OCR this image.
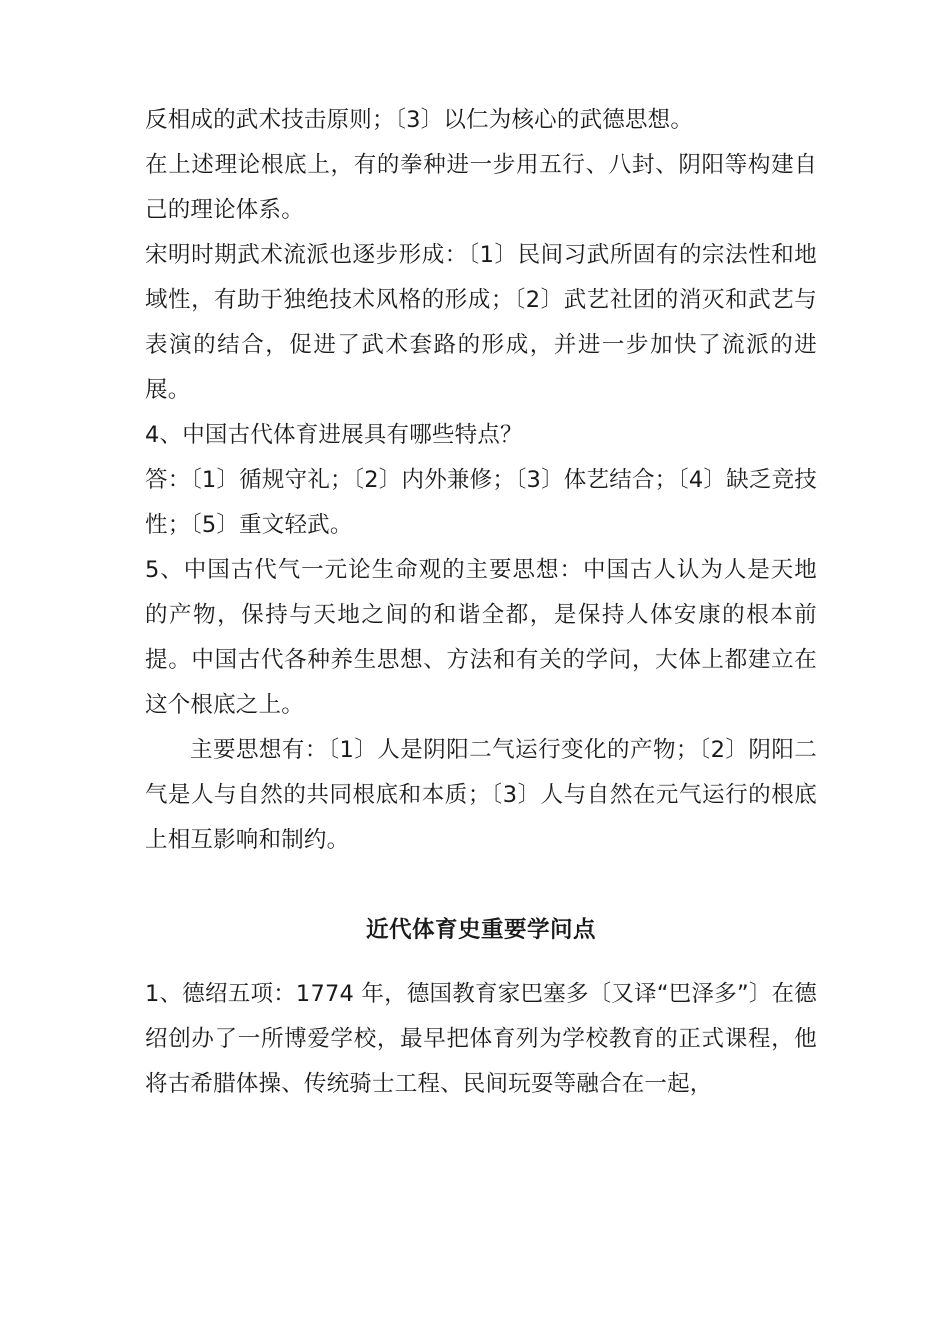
反相成的武术技击原则；〔3〕以仁为核心的武德思想。

在上述理论根底上，有的拳种进一步用五行、八封、阴阳等构建自己的理论体系。

宋明时期武术流派也逐步形成：〔1〕民间习武所固有的宗法性和地域性，有助于独绝技术风格的形成；〔2〕武艺社团的消灭和武艺与表演的结合，促进了武术套路的形成，并进一步加快了流派的进展。

4、中国古代体育进展具有哪些特点？

答：〔1〕循规守礼；〔2〕内外兼修；〔3〕体艺结合；〔4〕缺乏竞技性；〔5〕重文轻武。

5、中国古代气一元论生命观的主要思想：中国古人认为人是天地的产物，保持与天地之间的和谐全都，是保持人体安康的根本前提。中国古代各种养生思想、方法和有关的学问，大体上都建立在这个根底之上。

主要思想有：〔1〕人是阴阳二气运行变化的产物；〔2〕阴阳二气是人与自然的共同根底和本质；〔3〕人与自然在元气运行的根底上相互影响和制约。

近代体育史重要学问点

1、德绍五项：1774 年，德国教育家巴塞多〔又译“巴泽多”〕在德绍创办了一所博爱学校，最早把体育列为学校教育的正式课程，他将古希腊体操、传统骑士工程、民间玩耍等融合在一起，
